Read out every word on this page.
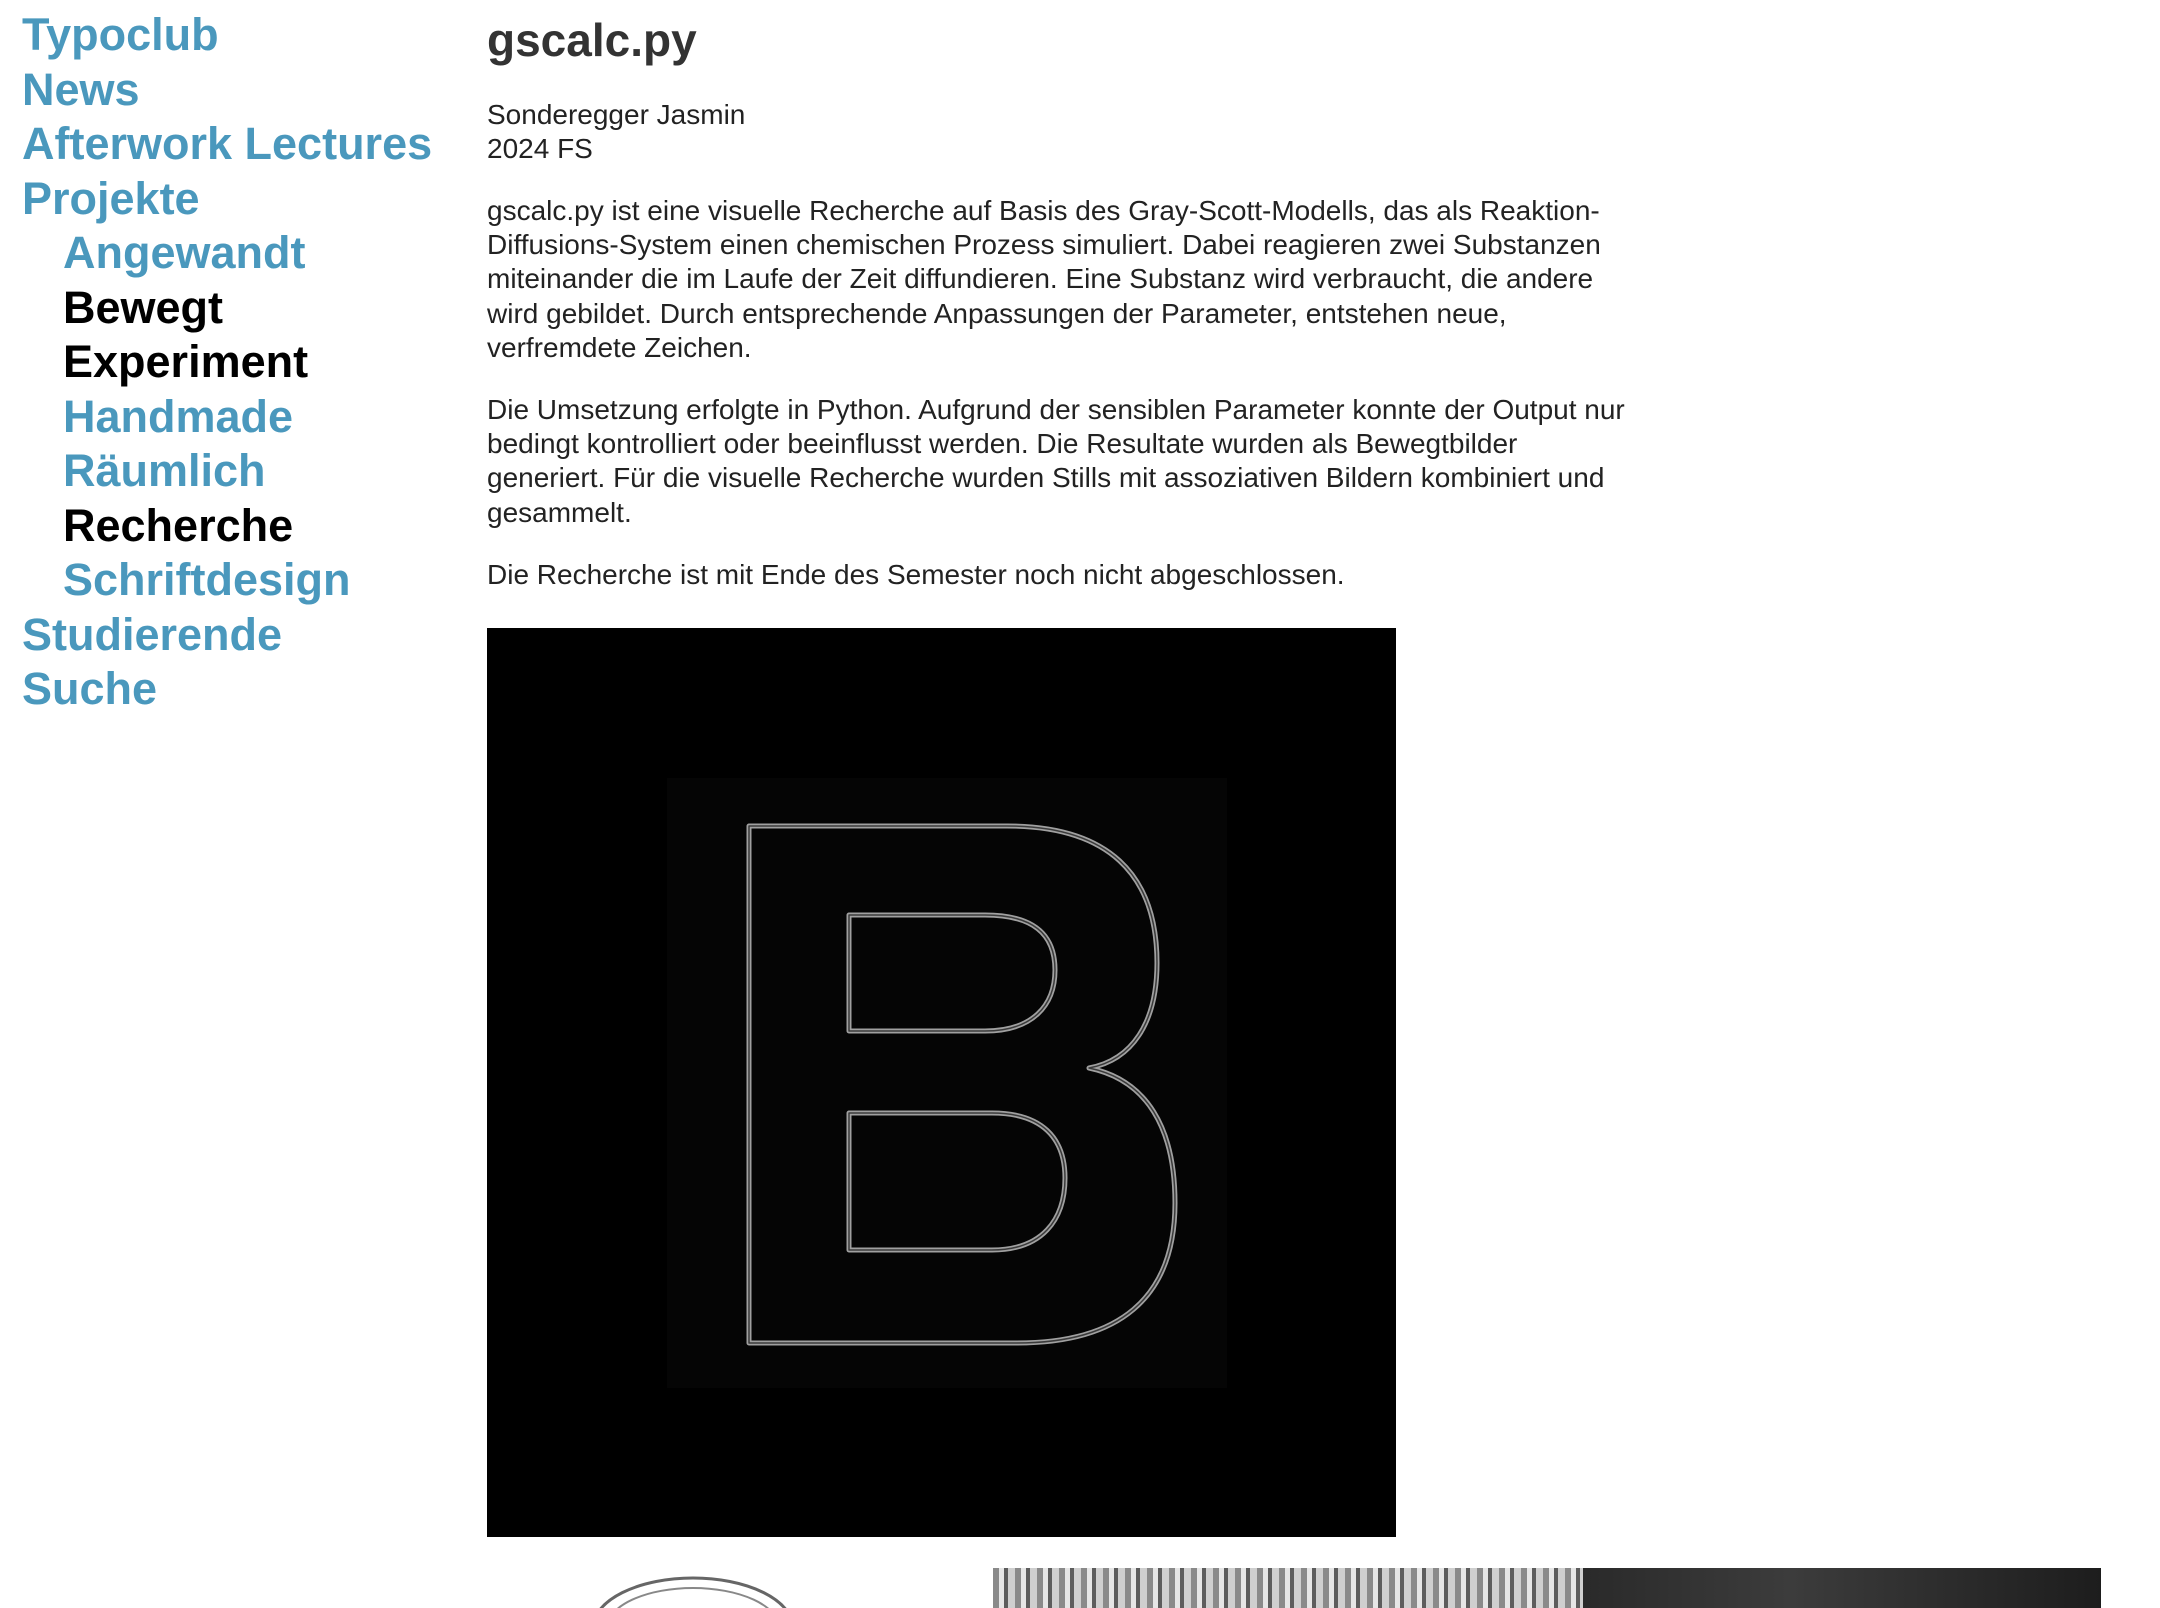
Typoclub
News
Afterwork Lectures
Projekte
Angewandt
Bewegt
Experiment
Handmade
Räumlich
Recherche
Schriftdesign
Studierende
Suche
gscalc.py
Sonderegger Jasmin
2024 FS

gscalc.py ist eine visuelle Recherche auf Basis des Gray-Scott-Modells, das als Reaktion-Diffusions-System einen chemischen Prozess simuliert. Dabei reagieren zwei Substanzen miteinander die im Laufe der Zeit diffundieren. Eine Substanz wird verbraucht, die andere wird gebildet. Durch entsprechende Anpassungen der Parameter, entstehen neue, verfremdete Zeichen.

Die Umsetzung erfolgte in Python. Aufgrund der sensiblen Parameter konnte der Output nur bedingt kontrolliert oder beeinflusst werden. Die Resultate wurden als Bewegtbilder generiert. Für die visuelle Recherche wurden Stills mit assoziativen Bildern kombiniert und gesammelt.

Die Recherche ist mit Ende des Semester noch nicht abgeschlossen.
